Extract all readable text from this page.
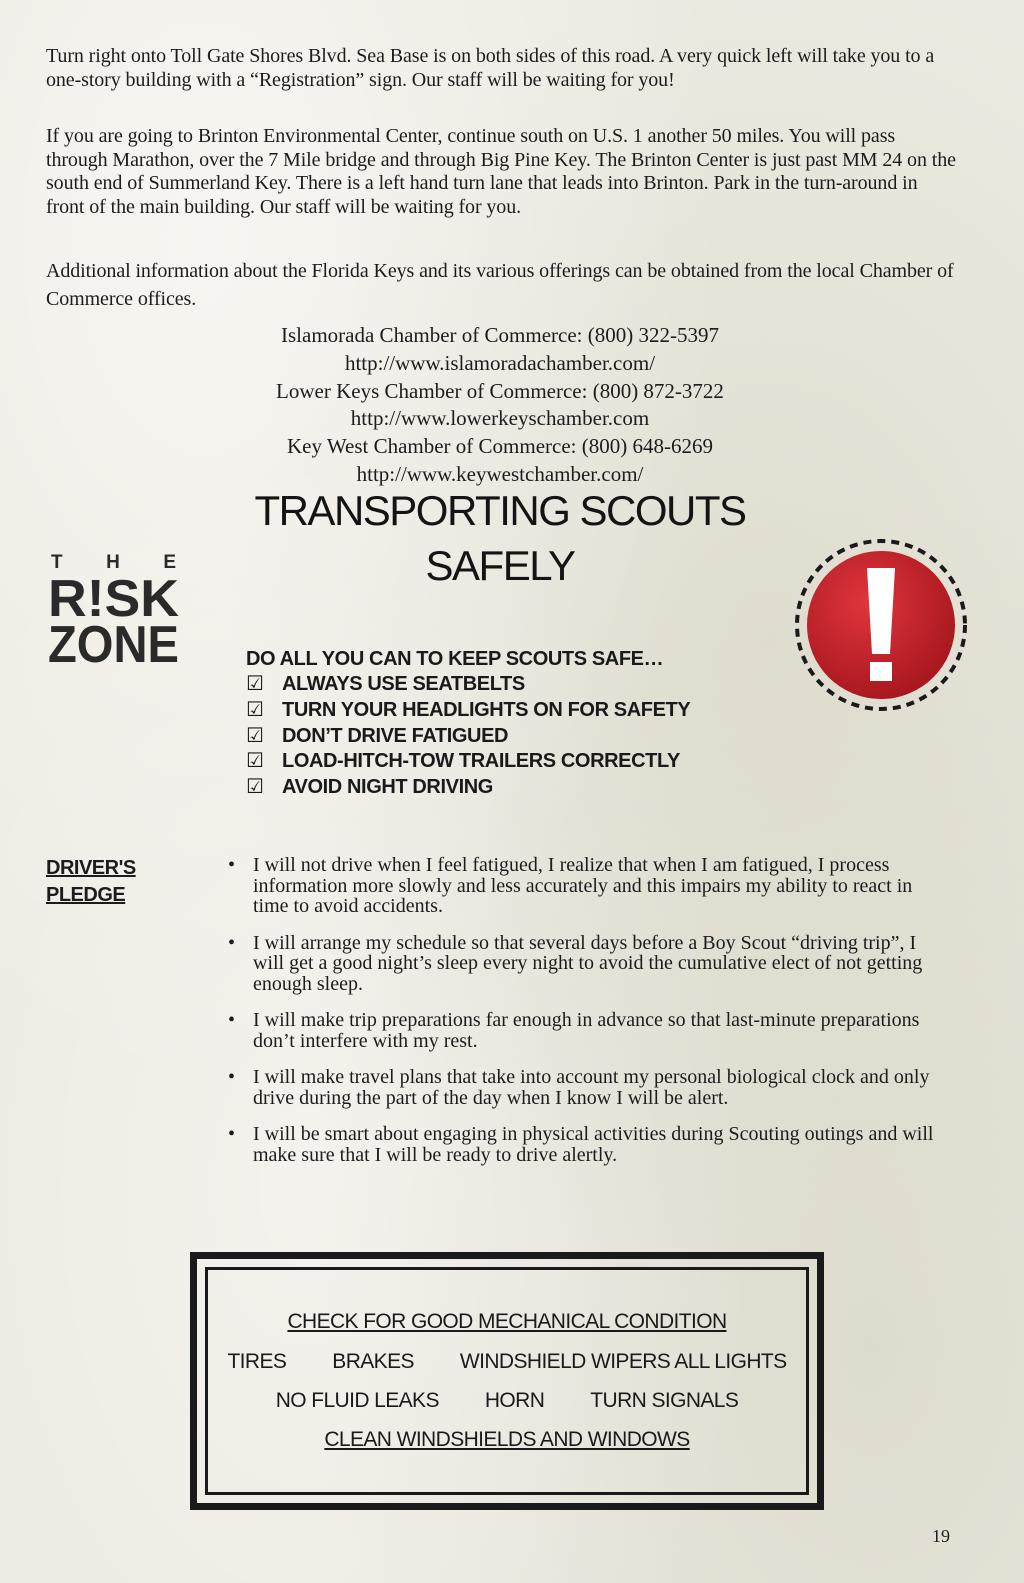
Turn right onto Toll Gate Shores Blvd. Sea Base is on both sides of this road. A very quick left will take you to a one-story building with a “Registration” sign. Our staff will be waiting for you!

If you are going to Brinton Environmental Center, continue south on U.S. 1 another 50 miles. You will pass through Marathon, over the 7 Mile bridge and through Big Pine Key. The Brinton Center is just past MM 24 on the south end of Summerland Key. There is a left hand turn lane that leads into Brinton. Park in the turn-around in front of the main building. Our staff will be waiting for you.

Additional information about the Florida Keys and its various offerings can be obtained from the local Chamber of Commerce offices.

Islamorada Chamber of Commerce: (800) 322-5397
http://www.islamoradachamber.com/
Lower Keys Chamber of Commerce: (800) 872-3722
http://www.lowerkeyschamber.com
Key West Chamber of Commerce: (800) 648-6269
http://www.keywestchamber.com/
TRANSPORTING SCOUTS
SAFELY
THE
R!SK
ZONE	DO ALL YOU CAN TO KEEP SCOUTS SAFE…
☑ ALWAYS USE SEATBELTS
☑ TURN YOUR HEADLIGHTS ON FOR SAFETY
☑ DON’T DRIVE FATIGUED
☑ LOAD-HITCH-TOW TRAILERS CORRECTLY
☑ AVOID NIGHT DRIVING
DRIVER'S
PLEDGE
• I will not drive when I feel fatigued, I realize that when I am fatigued, I process information more slowly and less accurately and this impairs my ability to react in time to avoid accidents.
• I will arrange my schedule so that several days before a Boy Scout “driving trip”, I will get a good night’s sleep every night to avoid the cumulative elect of not getting enough sleep.
• I will make trip preparations far enough in advance so that last-minute preparations don’t interfere with my rest.
• I will make travel plans that take into account my personal biological clock and only drive during the part of the day when I know I will be alert.
• I will be smart about engaging in physical activities during Scouting outings and will make sure that I will be ready to drive alertly.
CHECK FOR GOOD MECHANICAL CONDITION
TIRES BRAKES WINDSHIELD WIPERS ALL LIGHTS
NO FLUID LEAKS HORN TURN SIGNALS
CLEAN WINDSHIELDS AND WINDOWS
19
